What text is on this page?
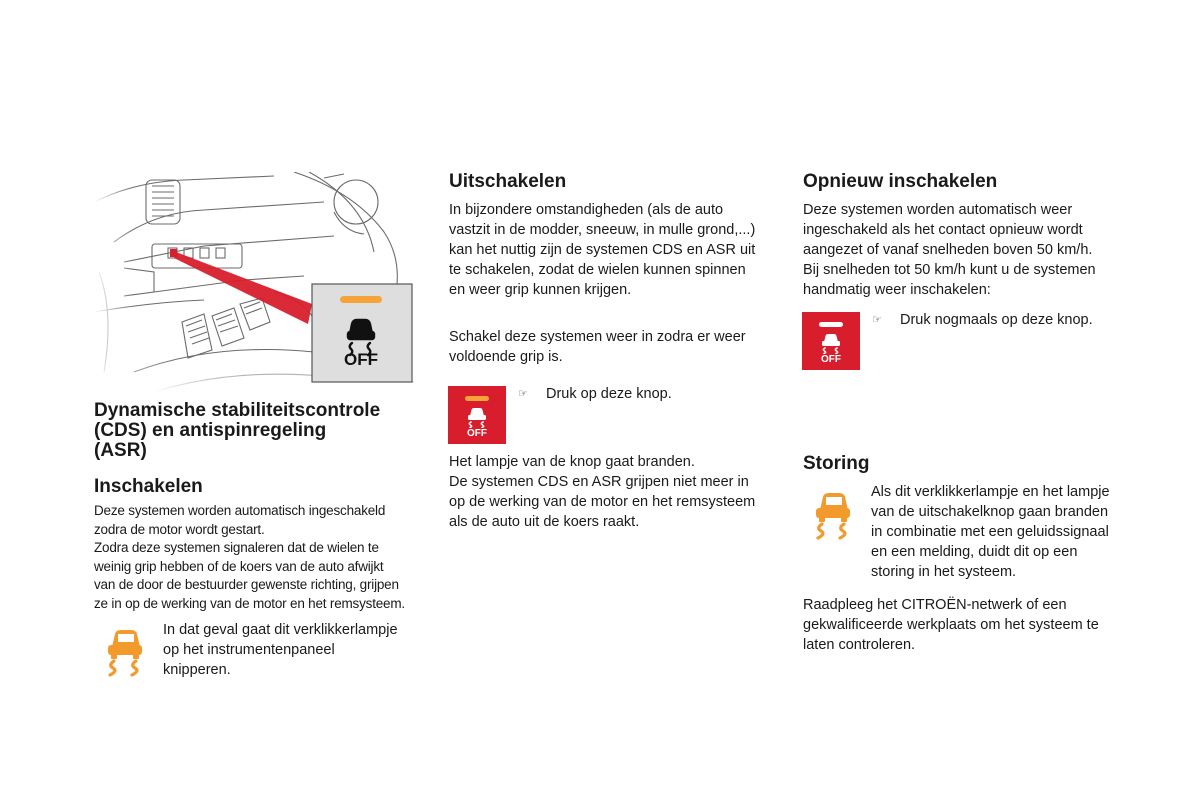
OFF
Dynamische stabiliteitscontrole
(CDS) en antispinregeling
(ASR)
Inschakelen

Deze systemen worden automatisch ingeschakeld

zodra de motor wordt gestart.

Zodra deze systemen signaleren dat de wielen te

weinig grip hebben of de koers van de auto afwijkt

van de door de bestuurder gewenste richting, grijpen

ze in op de werking van de motor en het remsysteem.

In dat geval gaat dit verklikkerlampje

op het instrumentenpaneel

knipperen.

Uitschakelen

In bijzondere omstandigheden (als de auto

vastzit in de modder, sneeuw, in mulle grond,...)

kan het nuttig zijn de systemen CDS en ASR uit

te schakelen, zodat de wielen kunnen spinnen

en weer grip kunnen krijgen.

Schakel deze systemen weer in zodra er weer

voldoende grip is.

OFF
☞	Druk op deze knop.

Het lampje van de knop gaat branden.

De systemen CDS en ASR grijpen niet meer in

op de werking van de motor en het remsysteem

als de auto uit de koers raakt.

Opnieuw inschakelen

Deze systemen worden automatisch weer

ingeschakeld als het contact opnieuw wordt

aangezet of vanaf snelheden boven 50 km/h.

Bij snelheden tot 50 km/h kunt u de systemen

handmatig weer inschakelen:

OFF
☞	Druk nogmaals op deze knop.
Storing

Als dit verklikkerlampje en het lampje

van de uitschakelknop gaan branden

in combinatie met een geluidssignaal

en een melding, duidt dit op een

storing in het systeem.

Raadpleeg het CITROËN-netwerk of een

gekwalificeerde werkplaats om het systeem te

laten controleren.
